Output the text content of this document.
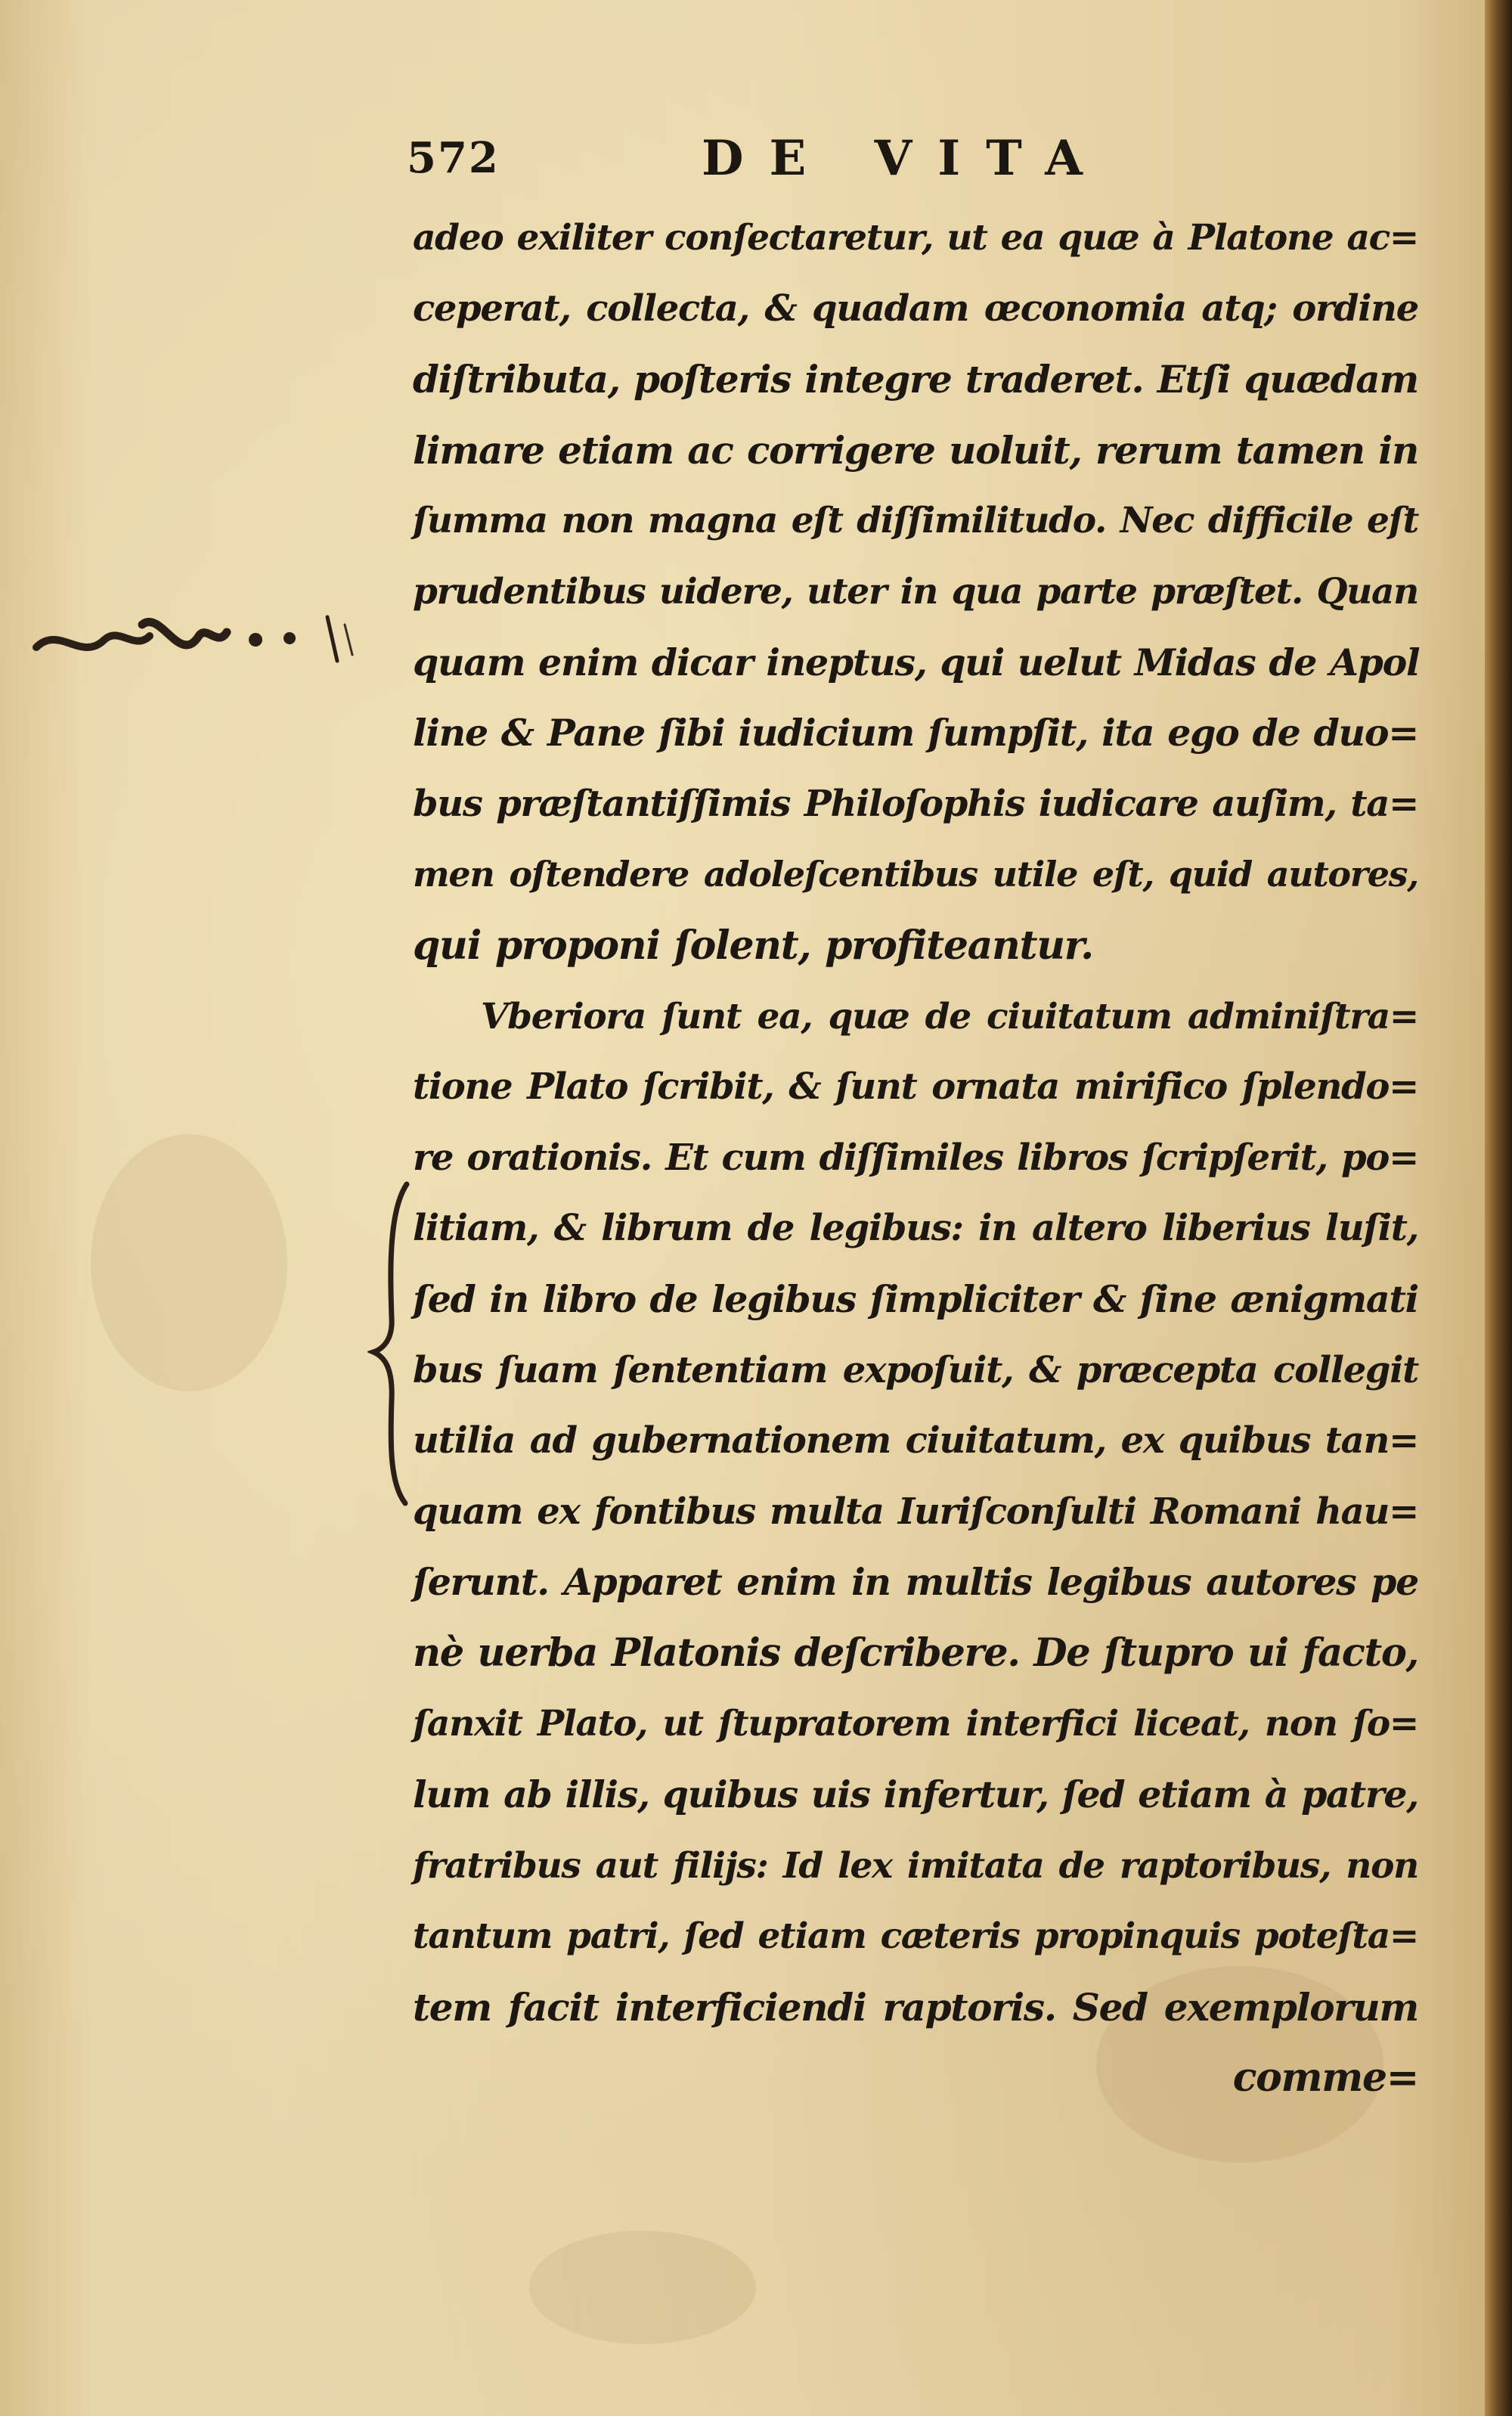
572	DE VITA
adeo exiliter conſectaretur, ut ea quæ à Platone ac=
ceperat, collecta, & quadam œconomia atq; ordine
diſtributa, poſteris integre traderet. Etſi quædam
limare etiam ac corrigere uoluit, rerum tamen in
ſumma non magna eſt diſſimilitudo. Nec difficile eſt
prudentibus uidere, uter in qua parte præſtet. Quan
quam enim dicar ineptus, qui uelut Midas de Apol
line & Pane ſibi iudicium ſumpſit, ita ego de duo=
bus præſtantiſſimis Philoſophis iudicare auſim, ta=
men oſtendere adoleſcentibus utile eſt, quid autores,
qui proponi ſolent, profiteantur.
Vberiora ſunt ea, quæ de ciuitatum adminiſtra=
tione Plato ſcribit, & ſunt ornata mirifico ſplendo=
re orationis. Et cum diſſimiles libros ſcripſerit, po=
litiam, & librum de legibus: in altero liberius luſit,
ſed in libro de legibus ſimpliciter & ſine ænigmati
bus ſuam ſententiam expoſuit, & præcepta collegit
utilia ad gubernationem ciuitatum, ex quibus tan=
quam ex fontibus multa Iuriſconſulti Romani hau=
ſerunt. Apparet enim in multis legibus autores pe
nè uerba Platonis deſcribere. De ſtupro ui facto,
ſanxit Plato, ut ſtupratorem interfici liceat, non ſo=
lum ab illis, quibus uis infertur, ſed etiam à patre,
fratribus aut filijs: Id lex imitata de raptoribus, non
tantum patri, ſed etiam cæteris propinquis poteſta=
tem facit interficiendi raptoris. Sed exemplorum
comme=
